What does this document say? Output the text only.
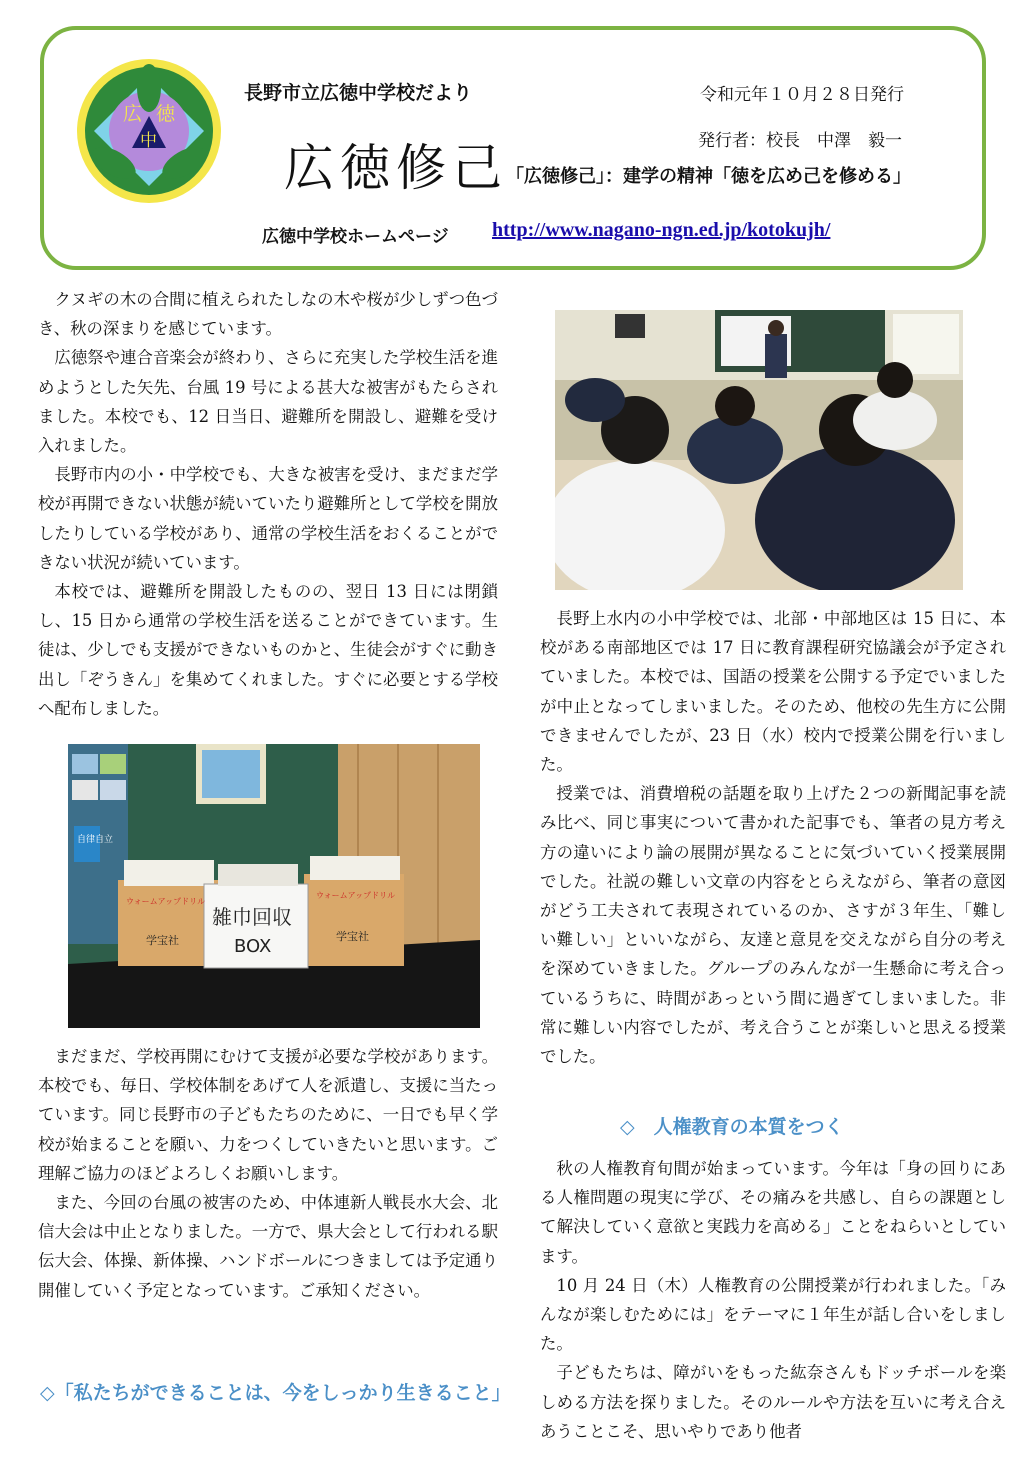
広 徳
中
長野市立広徳中学校だより	令和元年１０月２８日発行
発行者：校長　中澤　毅一
広徳修己
「広徳修己」：建学の精神「徳を広め己を修める」
広徳中学校ホームページ http://www.nagano-ngn.ed.jp/kotokujh/

クヌギの木の合間に植えられたしなの木や桜が少しずつ色づき、秋の深まりを感じています。

広徳祭や連合音楽会が終わり、さらに充実した学校生活を進めようとした矢先、台風 19 号による甚大な被害がもたらされました。本校でも、12 日当日、避難所を開設し、避難を受け入れました。

長野市内の小・中学校でも、大きな被害を受け、まだまだ学校が再開できない状態が続いていたり避難所として学校を開放したりしている学校があり、通常の学校生活をおくることができない状況が続いています。

本校では、避難所を開設したものの、翌日 13 日には閉鎖し、15 日から通常の学校生活を送ることができています。生徒は、少しでも支援ができないものかと、生徒会がすぐに動き出し「ぞうきん」を集めてくれました。すぐに必要とする学校へ配布しました。

自律自立
雑巾回収
BOX
ウォームアップドリル
学宝社
ウォームアップドリル
学宝社

まだまだ、学校再開にむけて支援が必要な学校があります。本校でも、毎日、学校体制をあげて人を派遣し、支援に当たっています。同じ長野市の子どもたちのために、一日でも早く学校が始まることを願い、力をつくしていきたいと思います。ご理解ご協力のほどよろしくお願いします。

また、今回の台風の被害のため、中体連新人戦長水大会、北信大会は中止となりました。一方で、県大会として行われる駅伝大会、体操、新体操、ハンドボールにつきましては予定通り開催していく予定となっています。ご承知ください。

◇「私たちができることは、今をしっかり生きること」

長野上水内の小中学校では、北部・中部地区は 15 日に、本校がある南部地区では 17 日に教育課程研究協議会が予定されていました。本校では、国語の授業を公開する予定でいましたが中止となってしまいました。そのため、他校の先生方に公開できませんでしたが、23 日（水）校内で授業公開を行いました。

授業では、消費増税の話題を取り上げた２つの新聞記事を読み比べ、同じ事実について書かれた記事でも、筆者の見方考え方の違いにより論の展開が異なることに気づいていく授業展開でした。社説の難しい文章の内容をとらえながら、筆者の意図がどう工夫されて表現されているのか、さすが３年生、「難しい難しい」といいながら、友達と意見を交えながら自分の考えを深めていきました。グループのみんなが一生懸命に考え合っているうちに、時間があっという間に過ぎてしまいました。非常に難しい内容でしたが、考え合うことが楽しいと思える授業でした。

◇　人権教育の本質をつく

秋の人権教育旬間が始まっています。今年は「身の回りにある人権問題の現実に学び、その痛みを共感し、自らの課題として解決していく意欲と実践力を高める」ことをねらいとしています。

10 月 24 日（木）人権教育の公開授業が行われました。「みんなが楽しむためには」をテーマに１年生が話し合いをしました。

子どもたちは、障がいをもった紘奈さんもドッチボールを楽しめる方法を探りました。そのルールや方法を互いに考え合えあうことこそ、思いやりであり他者
